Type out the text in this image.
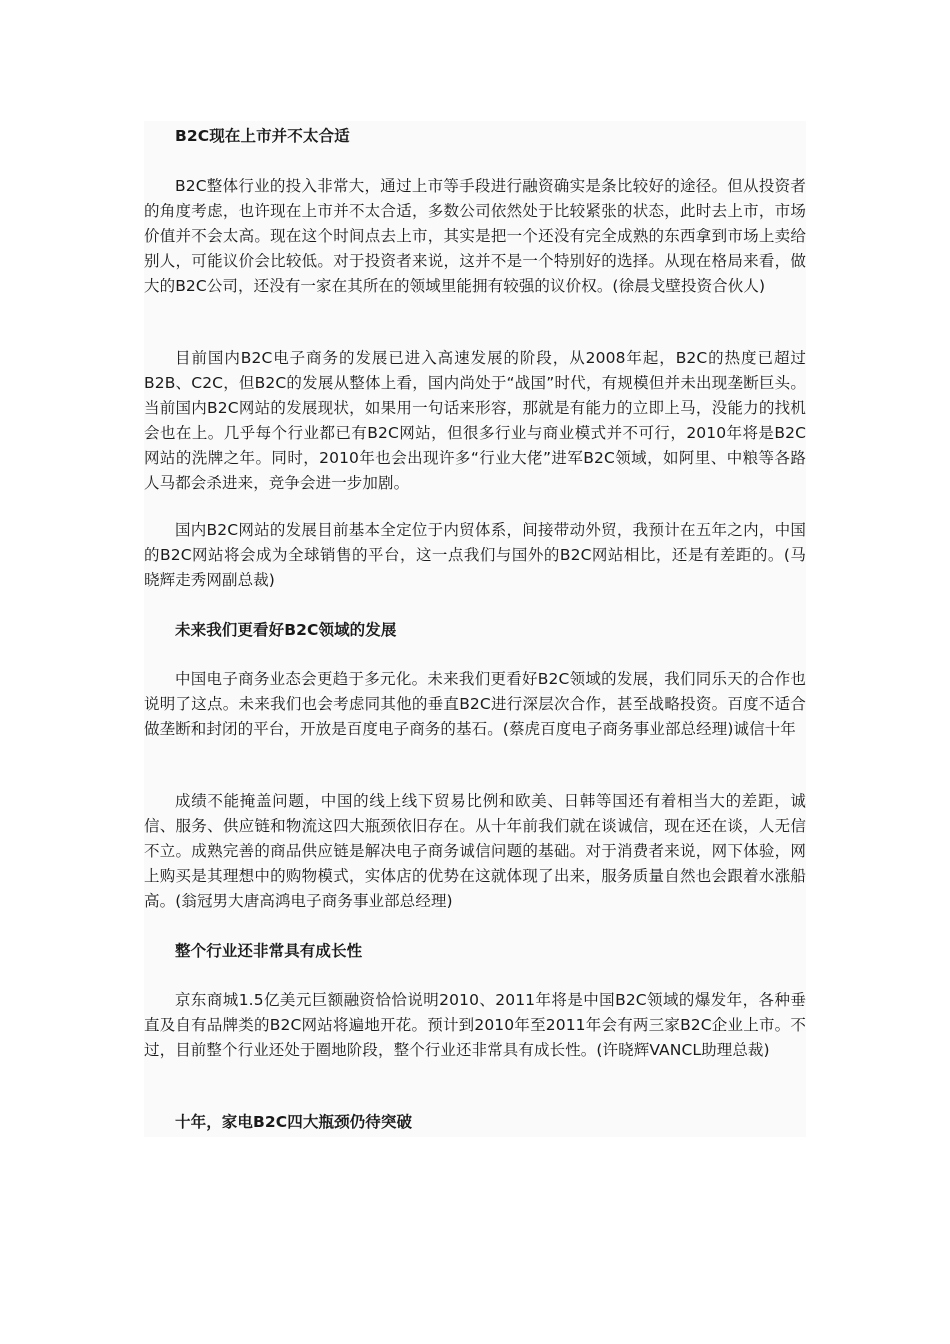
B2C现在上市并不太合适
B2C整体行业的投入非常大，通过上市等手段进行融资确实是条比较好的途径。但从投资者的角度考虑，也许现在上市并不太合适，多数公司依然处于比较紧张的状态，此时去上市，市场价值并不会太高。现在这个时间点去上市，其实是把一个还没有完全成熟的东西拿到市场上卖给别人，可能议价会比较低。对于投资者来说，这并不是一个特别好的选择。从现在格局来看，做大的B2C公司，还没有一家在其所在的领域里能拥有较强的议价权。(徐晨戈壁投资合伙人)
目前国内B2C电子商务的发展已进入高速发展的阶段，从2008年起，B2C的热度已超过B2B、C2C，但B2C的发展从整体上看，国内尚处于“战国”时代，有规模但并未出现垄断巨头。当前国内B2C网站的发展现状，如果用一句话来形容，那就是有能力的立即上马，没能力的找机会也在上。几乎每个行业都已有B2C网站，但很多行业与商业模式并不可行，2010年将是B2C网站的洗牌之年。同时，2010年也会出现许多“行业大佬”进军B2C领域，如阿里、中粮等各路人马都会杀进来，竞争会进一步加剧。
国内B2C网站的发展目前基本全定位于内贸体系，间接带动外贸，我预计在五年之内，中国的B2C网站将会成为全球销售的平台，这一点我们与国外的B2C网站相比，还是有差距的。(马晓辉走秀网副总裁)
未来我们更看好B2C领域的发展
中国电子商务业态会更趋于多元化。未来我们更看好B2C领域的发展，我们同乐天的合作也说明了这点。未来我们也会考虑同其他的垂直B2C进行深层次合作，甚至战略投资。百度不适合做垄断和封闭的平台，开放是百度电子商务的基石。(蔡虎百度电子商务事业部总经理)诚信十年
成绩不能掩盖问题，中国的线上线下贸易比例和欧美、日韩等国还有着相当大的差距，诚信、服务、供应链和物流这四大瓶颈依旧存在。从十年前我们就在谈诚信，现在还在谈，人无信不立。成熟完善的商品供应链是解决电子商务诚信问题的基础。对于消费者来说，网下体验，网上购买是其理想中的购物模式，实体店的优势在这就体现了出来，服务质量自然也会跟着水涨船高。(翁冠男大唐高鸿电子商务事业部总经理)
整个行业还非常具有成长性
京东商城1.5亿美元巨额融资恰恰说明2010、2011年将是中国B2C领域的爆发年，各种垂直及自有品牌类的B2C网站将遍地开花。预计到2010年至2011年会有两三家B2C企业上市。不过，目前整个行业还处于圈地阶段，整个行业还非常具有成长性。(许晓辉VANCL助理总裁)
十年，家电B2C四大瓶颈仍待突破
